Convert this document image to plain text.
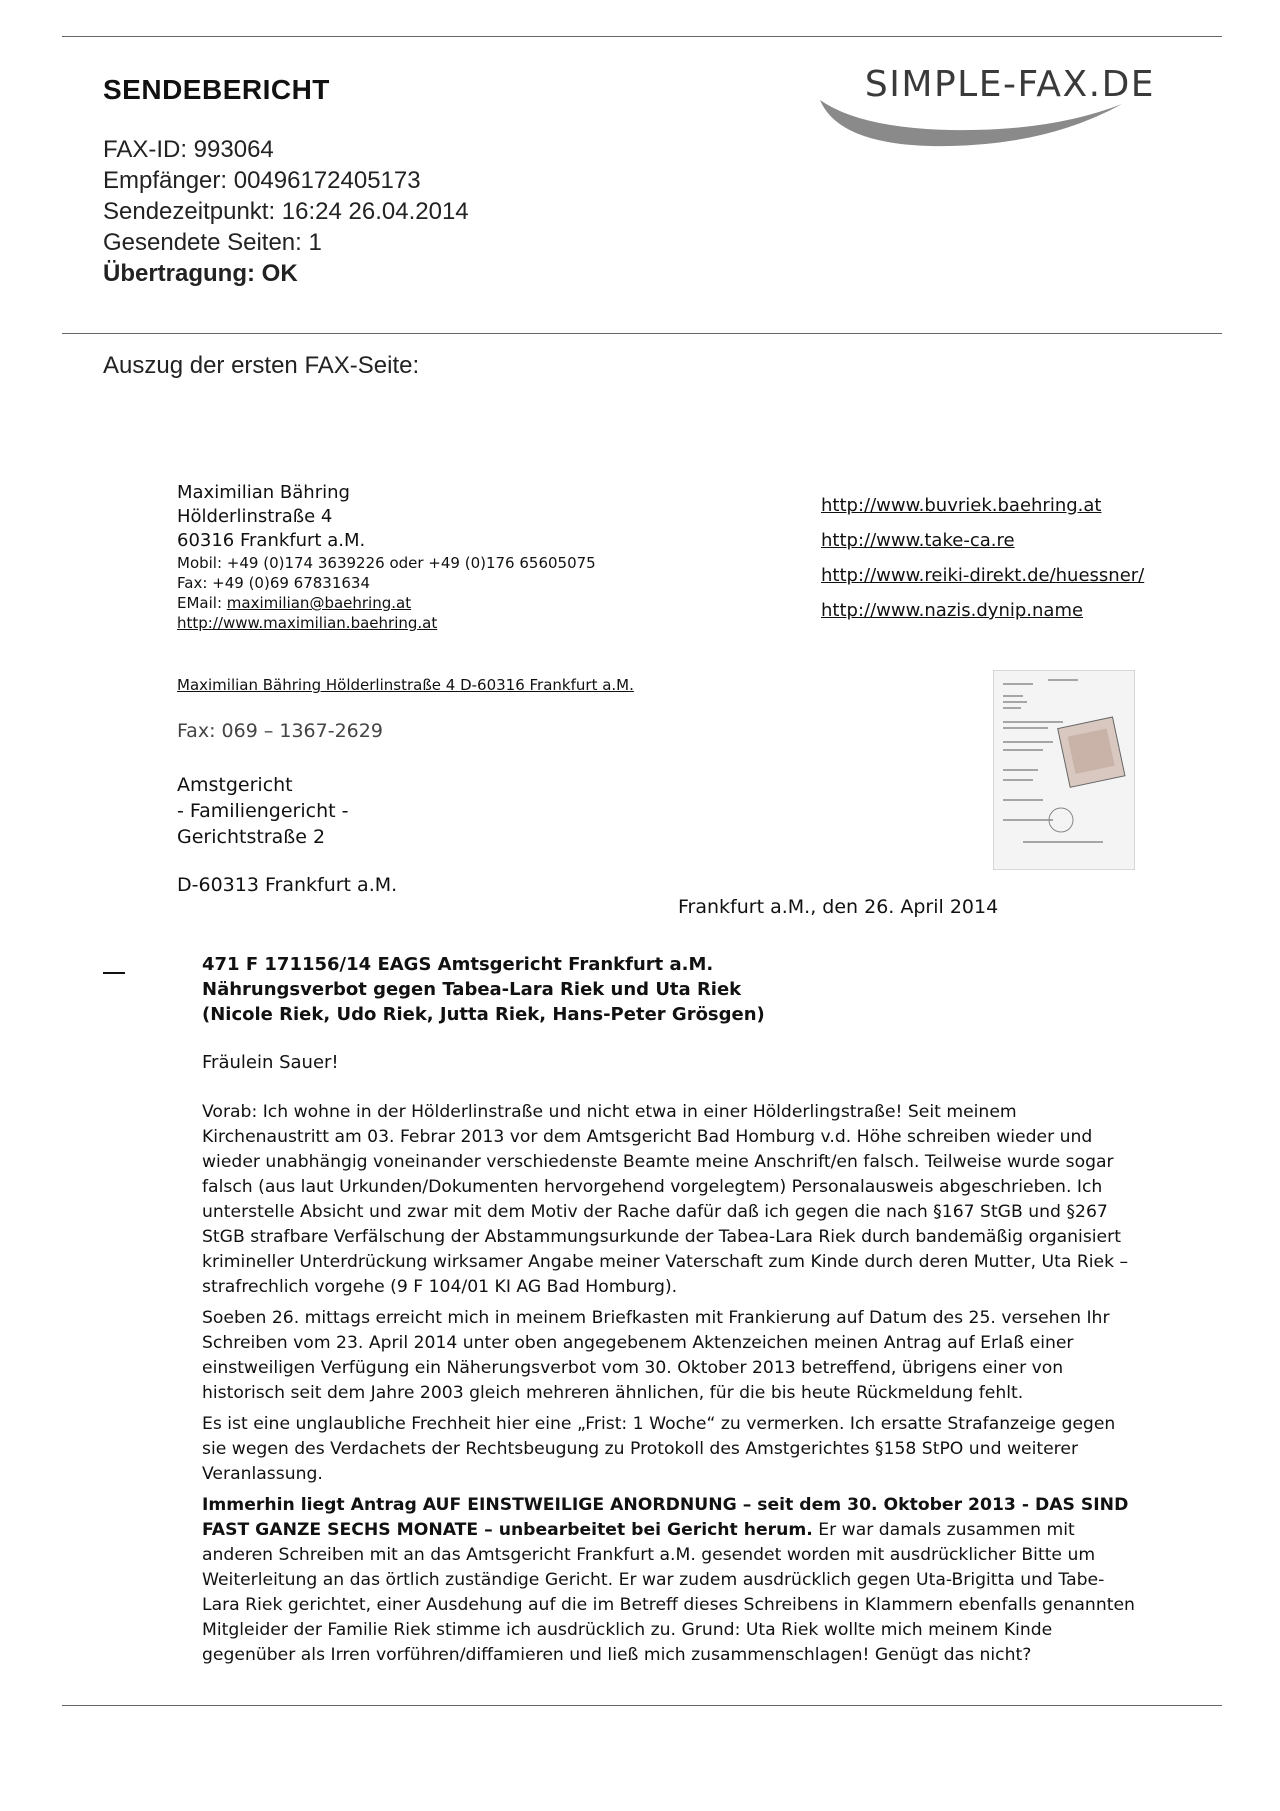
SENDEBERICHT	SIMPLE-FAX.DE
FAX-ID: 993064
Empfänger: 00496172405173
Sendezeitpunkt: 16:24 26.04.2014
Gesendete Seiten: 1
Übertragung: OK
Auszug der ersten FAX-Seite:
Maximilian Bähring
Hölderlinstraße 4
60316 Frankfurt a.M.
Mobil: +49 (0)174 3639226 oder +49 (0)176 65605075
Fax: +49 (0)69 67831634
EMail: maximilian@baehring.at
http://www.maximilian.baehring.at
http://www.buvriek.baehring.at
http://www.take-ca.re
http://www.reiki-direkt.de/huessner/
http://www.nazis.dynip.name
Maximilian Bähring Hölderlinstraße 4 D-60316 Frankfurt a.M.
Fax: 069 – 1367-2629
Amstgericht
- Familiengericht -
Gerichtstraße 2
D-60313 Frankfurt a.M.
Frankfurt a.M., den 26. April 2014
471 F 171156/14 EAGS Amtsgericht Frankfurt a.M.
Nährungsverbot gegen Tabea-Lara Riek und Uta Riek
(Nicole Riek, Udo Riek, Jutta Riek, Hans-Peter Grösgen)
Fräulein Sauer!

Vorab: Ich wohne in der Hölderlinstraße und nicht etwa in einer Hölderlingstraße! Seit meinem Kirchenaustritt am 03. Febrar 2013 vor dem Amtsgericht Bad Homburg v.d. Höhe schreiben wieder und wieder unabhängig voneinander verschiedenste Beamte meine Anschrift/en falsch. Teilweise wurde sogar falsch (aus laut Urkunden/Dokumenten hervorgehend vorgelegtem) Personalausweis abgeschrieben. Ich unterstelle Absicht und zwar mit dem Motiv der Rache dafür daß ich gegen die nach §167 StGB und §267 StGB strafbare Verfälschung der Abstammungsurkunde der Tabea-Lara Riek durch bandemäßig organisiert krimineller Unterdrückung wirksamer Angabe meiner Vaterschaft zum Kinde durch deren Mutter, Uta Riek – strafrechlich vorgehe (9 F 104/01 KI AG Bad Homburg).

Soeben 26. mittags erreicht mich in meinem Briefkasten mit Frankierung auf Datum des 25. versehen Ihr Schreiben vom 23. April 2014 unter oben angegebenem Aktenzeichen meinen Antrag auf Erlaß einer einstweiligen Verfügung ein Näherungsverbot vom 30. Oktober 2013 betreffend, übrigens einer von historisch seit dem Jahre 2003 gleich mehreren ähnlichen, für die bis heute Rückmeldung fehlt.

Es ist eine unglaubliche Frechheit hier eine „Frist: 1 Woche“ zu vermerken. Ich ersatte Strafanzeige gegen sie wegen des Verdachets der Rechtsbeugung zu Protokoll des Amstgerichtes §158 StPO und weiterer Veranlassung.

Immerhin liegt Antrag AUF EINSTWEILIGE ANORDNUNG – seit dem 30. Oktober 2013 - DAS SIND FAST GANZE SECHS MONATE – unbearbeitet bei Gericht herum. Er war damals zusammen mit anderen Schreiben mit an das Amtsgericht Frankfurt a.M. gesendet worden mit ausdrücklicher Bitte um Weiterleitung an das örtlich zuständige Gericht. Er war zudem ausdrücklich gegen Uta-Brigitta und Tabe-Lara Riek gerichtet, einer Ausdehung auf die im Betreff dieses Schreibens in Klammern ebenfalls genannten Mitgleider der Familie Riek stimme ich ausdrücklich zu. Grund: Uta Riek wollte mich meinem Kinde gegenüber als Irren vorführen/diffamieren und ließ mich zusammenschlagen! Genügt das nicht?
